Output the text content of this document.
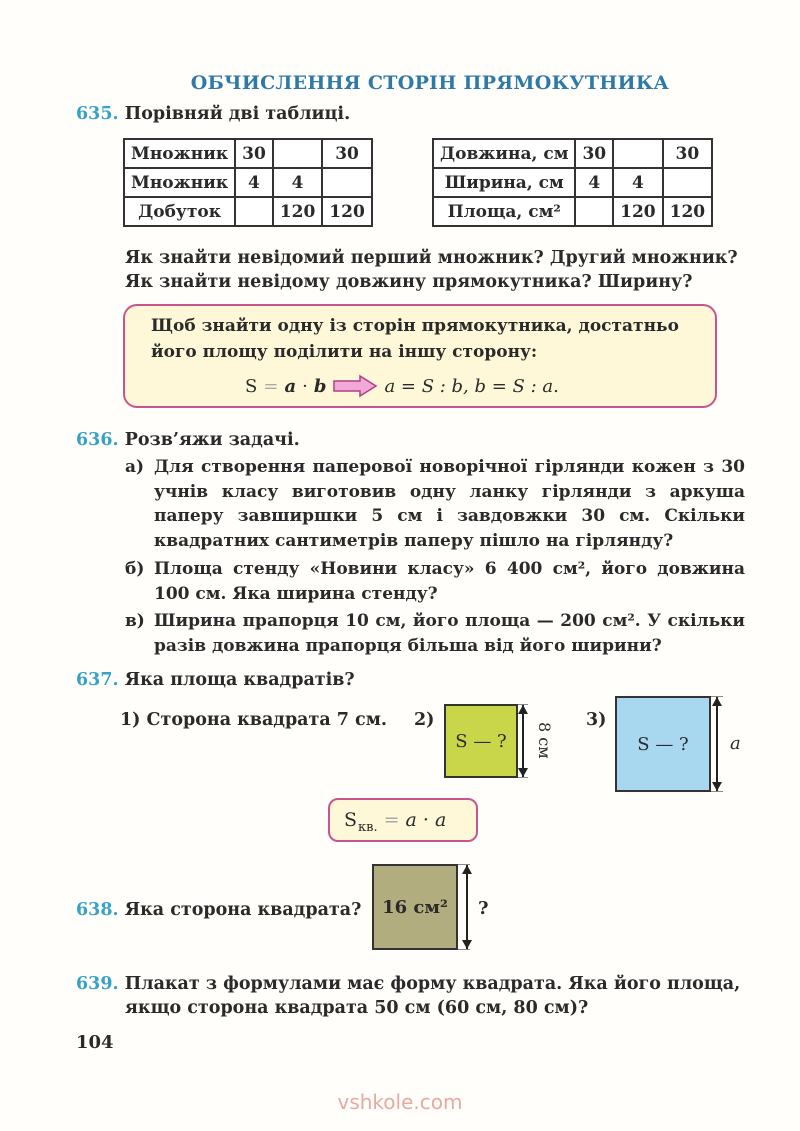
vshkole.com
ОБЧИСЛЕННЯ СТОРІН ПРЯМОКУТНИКА
635. Порівняй дві таблиці.
Множник	30		30
Множник	4	4	
Добуток		120	120
Довжина, см	30		30
Ширина, см	4	4	
Площа, см²		120	120
Як знайти невідомий перший множник? Другий множник?
Як знайти невідому довжину прямокутника? Ширину?
Щоб знайти одну із сторін прямокутника, достатньо
його площу поділити на іншу сторону:
S = a · b	a = S : b, b = S : a.
636. Розв’яжи задачі.
а) Для створення паперової новорічної гірлянди кожен з 30 учнів класу виготовив одну ланку гірлянди з аркуша паперу завширшки 5 см і завдовжки 30 см. Скільки квадратних сантиметрів паперу пішло на гірлянду?
б) Площа стенду «Новини класу» 6 400 см², його довжина 100 см. Яка ширина стенду?
в) Ширина прапорця 10 см, його площа — 200 см². У скільки разів довжина прапорця більша від його ширини?
637. Яка площа квадратів?
1) Сторона квадрата 7 см. 2)
S — ? 8 см
3)
S — ? a
S кв. = a · a
638. Яка сторона квадрата? 16 см² ?
639. Плакат з формулами має форму квадрата. Яка його площа,
якщо сторона квадрата 50 см (60 см, 80 см)?
104
